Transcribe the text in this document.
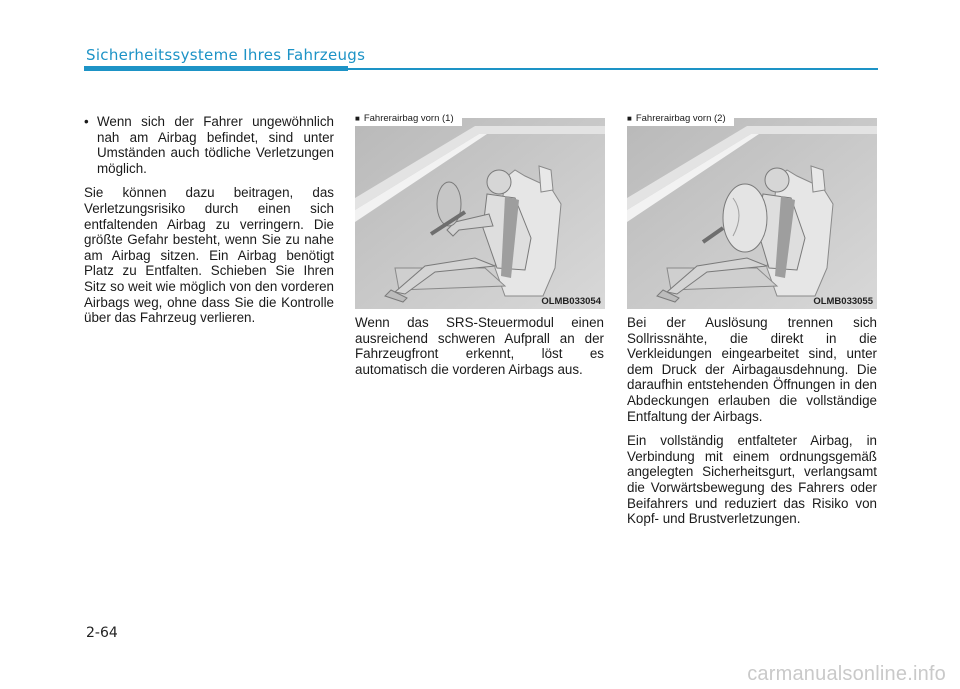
Sicherheitssysteme Ihres Fahrzeugs
• Wenn sich der Fahrer ungewöhnlich nah am Airbag befindet, sind unter Umständen auch tödliche Verletzungen möglich.

Sie können dazu beitragen, das Verletzungsrisiko durch einen sich entfaltenden Airbag zu verringern. Die größte Gefahr besteht, wenn Sie zu nahe am Airbag sitzen. Ein Airbag benötigt Platz zu Entfalten. Schieben Sie Ihren Sitz so weit wie möglich von den vorderen Airbags weg, ohne dass Sie die Kontrolle über das Fahrzeug verlieren.

■ Fahrerairbag vorn (1)
OLMB033054
■ Fahrerairbag vorn (2)
OLMB033055

Wenn das SRS-Steuermodul einen ausreichend schweren Aufprall an der Fahrzeugfront erkennt, löst es automatisch die vorderen Airbags aus.

Bei der Auslösung trennen sich Sollrissnähte, die direkt in die Verkleidungen eingearbeitet sind, unter dem Druck der Airbagausdehnung. Die daraufhin entstehenden Öffnungen in den Abdeckungen erlauben die vollständige Entfaltung der Airbags.

Ein vollständig entfalteter Airbag, in Verbindung mit einem ordnungsgemäß angelegten Sicherheitsgurt, verlangsamt die Vorwärtsbewegung des Fahrers oder Beifahrers und reduziert das Risiko von Kopf- und Brustverletzungen.

2-64
carmanualsonline.info
